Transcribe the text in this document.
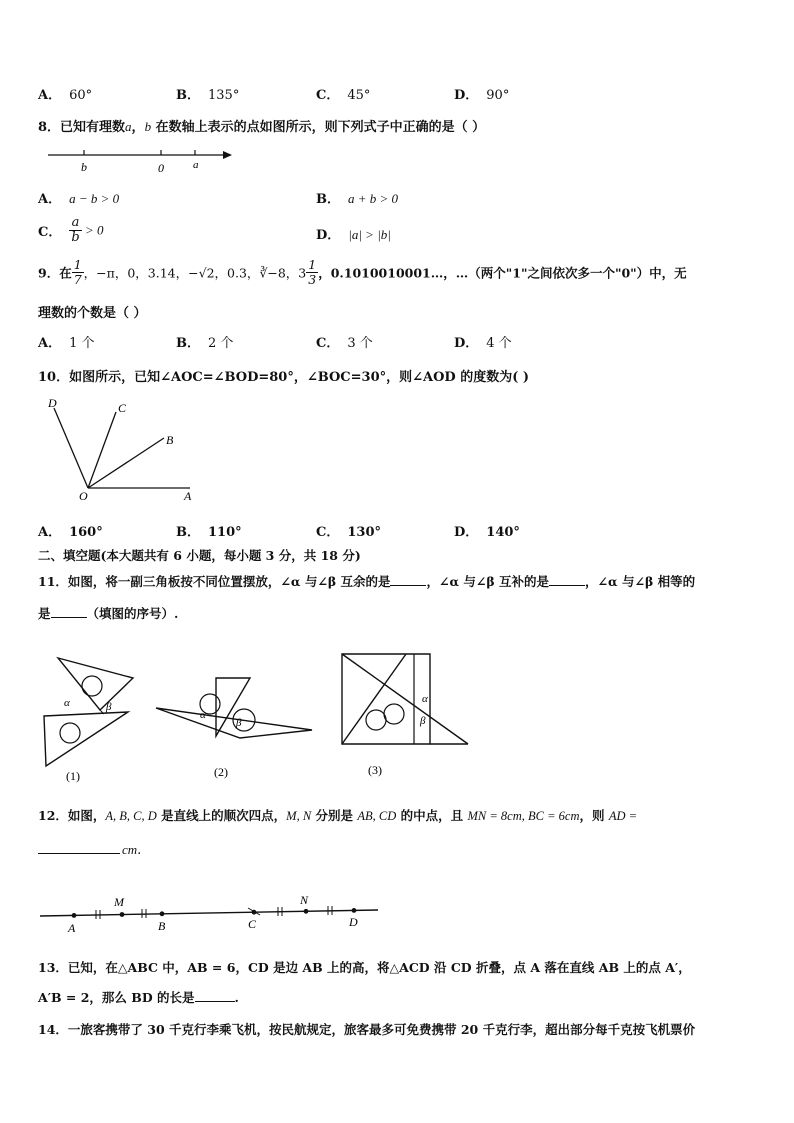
A． 60°	B． 135°	C． 45°	D． 90°
8．已知有理数a，b 在数轴上表示的点如图所示，则下列式子中正确的是（ ）
b	0	a
A． a − b > 0	B． a + b > 0
C． $\frac{a}{b} > 0$	D． |a| > |b|
9．在 $\frac{1}{7}$ ，−π，0，3.14，−√2，0.3，∛−8，$3 \frac{1}{3}$ ，0.1010010001…，…（两个"1"之间依次多一个"0"）中，无
理数的个数是（ ）
A． 1 个	B． 2 个	C． 3 个	D． 4 个
10．如图所示，已知∠AOC=∠BOD=80°，∠BOC=30°，则∠AOD 的度数为( )
D	C
B
O	A
A． 160°	B． 110°	C． 130°	D． 140°
二、填空题(本大题共有 6 小题，每小题 3 分，共 18 分)
11．如图，将一副三角板按不同位置摆放，∠α 与∠β 互余的是	，∠α 与∠β 互补的是	，∠α 与∠β 相等的
是	（填图的序号）.
α	β
(1)
α
β
(2)
α
β
(3)
12．如图，A, B, C, D 是直线上的顺次四点，M, N 分别是 AB, CD 的中点，且 MN = 8cm, BC = 6cm，则 AD =
cm.
M	N
A	B	C	D
13．已知，在△ABC 中，AB = 6，CD 是边 AB 上的高，将△ACD 沿 CD 折叠，点 A 落在直线 AB 上的点 A′，
A′B = 2，那么 BD 的长是	.
14．一旅客携带了 30 千克行李乘飞机，按民航规定，旅客最多可免费携带 20 千克行李，超出部分每千克按飞机票价
